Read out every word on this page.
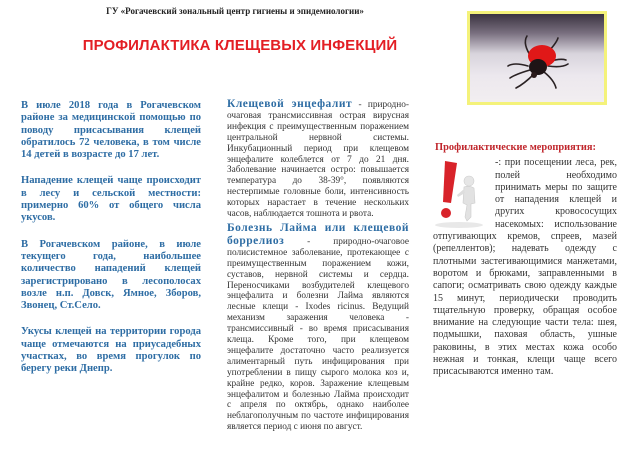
ГУ «Рогачевский зональный центр гигиены и эпидемиологии»
ПРОФИЛАКТИКА КЛЕЩЕВЫХ ИНФЕКЦИЙ

В июле 2018 года в Рогачевском районе за медицинской помощью по поводу присасывания клещей обратилось 72 человека, в том числе 14 детей в возрасте до 17 лет.

Нападение клещей чаще происходит в лесу и сельской местности: примерно 60% от общего числа укусов.

В Рогачевском районе, в июле текущего года, наибольшее количество нападений клещей зарегистрировано в лесополосах возле н.п. Довск, Ямное, Зборов, Звонец, Ст.Село.

Укусы клещей на территории города чаще отмечаются на приусадебных участках, во время прогулок по берегу реки Днепр.

Клещевой энцефалит - природно-очаговая трансмиссивная острая вирусная инфекция с преимущественным поражением центральной нервной системы. Инкубационный период при клещевом энцефалите колеблется от 7 до 21 дня. Заболевание начинается остро: повышается температура до 38-39°, появляются нестерпимые головные боли, интенсивность которых нарастает в течение нескольких часов, наблюдается тошнота и рвота.

Болезнь Лайма или клещевой боррелиоз - природно-очаговое полисистемное заболевание, протекающее с преимущественным поражением кожи, суставов, нервной системы и сердца. Переносчиками возбудителей клещевого энцефалита и болезни Лайма являются лесные клещи - Ixodes ricinus. Ведущий механизм заражения человека - трансмиссивный - во время присасывания клеща. Кроме того, при клещевом энцефалите достаточно часто реализуется алиментарный путь инфицирования при употреблении в пищу сырого молока коз и, крайне редко, коров. Заражение клещевым энцефалитом и болезнью Лайма происходит с апреля по октябрь, однако наиболее неблагополучным по частоте инфицирования является период с июня по август.

Профилактические мероприятия:

-: при посещении леса, рек, полей необходимо принимать меры по защите от нападения клещей и других кровососущих насекомых: использование отпугивающих кремов, спреев, мазей (репеллентов); надевать одежду с плотными застегивающимися манжетами, воротом и брюками, заправленными в сапоги; осматривать свою одежду каждые 15 минут, периодически проводить тщательную проверку, обращая особое внимание на следующие части тела: шея, подмышки, паховая область, ушные раковины, в этих местах кожа особо нежная и тонкая, клещи чаще всего присасываются именно там.
